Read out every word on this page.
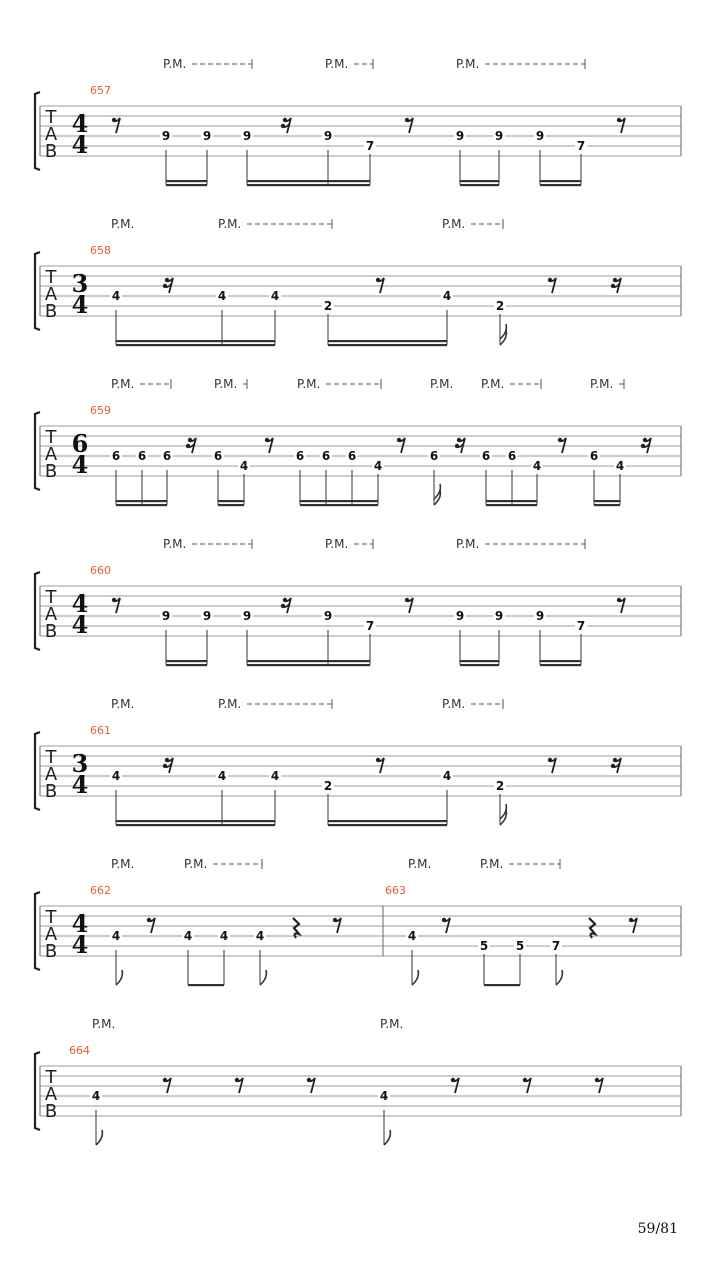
T
A
B
4
4
657
P.M.	P.M.	P.M.
9	9	9	9
7
9	9	9
7
T
A
B
3
4
658
P.M.	P.M.	P.M.
4	4	4
2
4
2
T
A
B
6
4
659
P.M.	P.M.	P.M.	P.M. P.M.	P.M.
6 6 6	6
4
6 6 6
4
6	6 6
4
6
4
T
A
B
4
4
660
P.M.	P.M.	P.M.
9	9	9	9
7
9	9	9
7
T
A
B
3
4
661
P.M.	P.M.	P.M.
4	4	4
2
4
2
T
A
B
4
4
662	663
P.M.	P.M.	P.M.	P.M.
4	4 4 4	4
5 5 7
T
A
B
664
P.M.	P.M.
4	4
59/81
